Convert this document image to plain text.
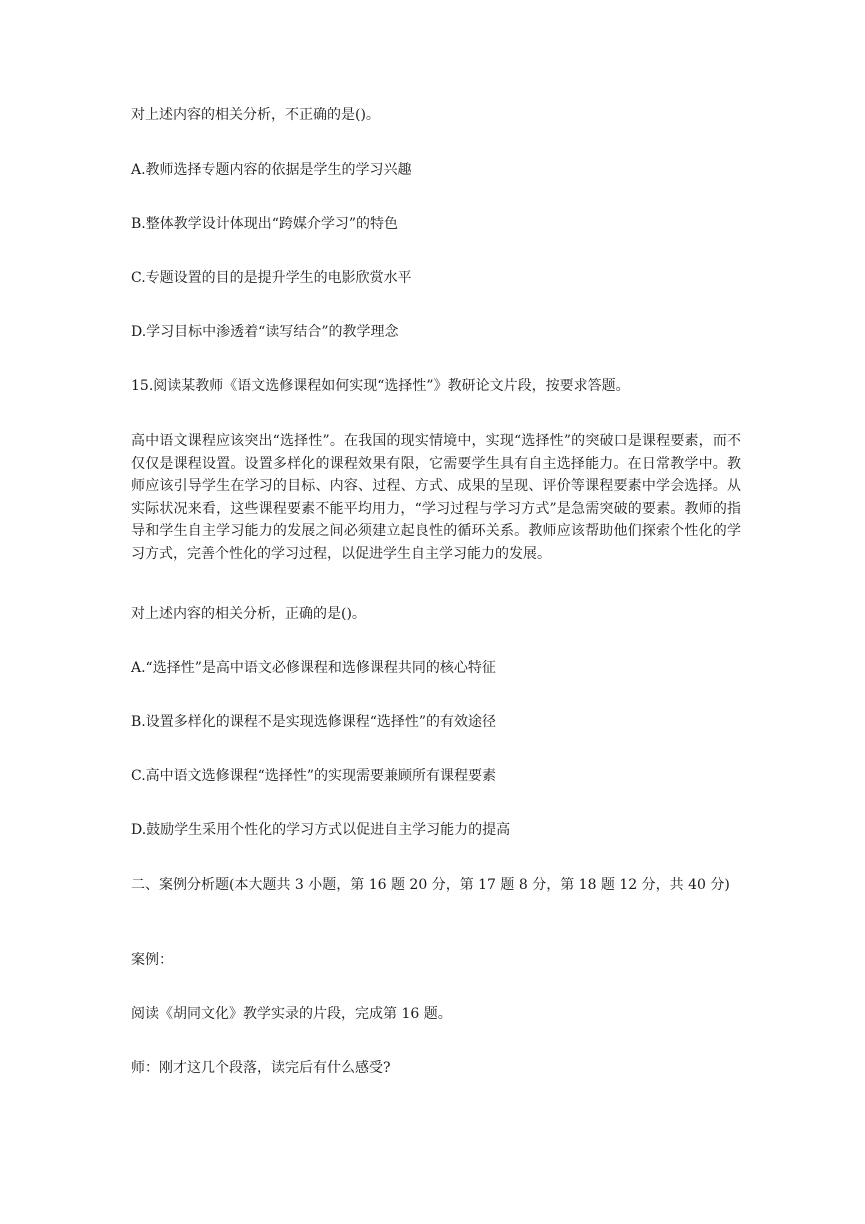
对上述内容的相关分析，不正确的是()。
A.教师选择专题内容的依据是学生的学习兴趣
B.整体教学设计体现出“跨媒介学习”的特色
C.专题设置的目的是提升学生的电影欣赏水平
D.学习目标中渗透着“读写结合”的教学理念
15.阅读某教师《语文选修课程如何实现“选择性”》教研论文片段，按要求答题。
高中语文课程应该突出“选择性”。在我国的现实情境中，实现“选择性”的突破口是课程要素，而不仅仅是课程设置。设置多样化的课程效果有限，它需要学生具有自主选择能力。在日常教学中。教师应该引导学生在学习的目标、内容、过程、方式、成果的呈现、评价等课程要素中学会选择。从实际状况来看，这些课程要素不能平均用力，“学习过程与学习方式”是急需突破的要素。教师的指导和学生自主学习能力的发展之间必须建立起良性的循环关系。教师应该帮助他们探索个性化的学习方式，完善个性化的学习过程，以促进学生自主学习能力的发展。
对上述内容的相关分析，正确的是()。
A.“选择性”是高中语文必修课程和选修课程共同的核心特征
B.设置多样化的课程不是实现选修课程“选择性”的有效途径
C.高中语文选修课程“选择性”的实现需要兼顾所有课程要素
D.鼓励学生采用个性化的学习方式以促进自主学习能力的提高
二、案例分析题(本大题共 3 小题，第 16 题 20 分，第 17 题 8 分，第 18 题 12 分，共 40 分)
案例：
阅读《胡同文化》教学实录的片段，完成第 16 题。
师：刚才这几个段落，读完后有什么感受?
